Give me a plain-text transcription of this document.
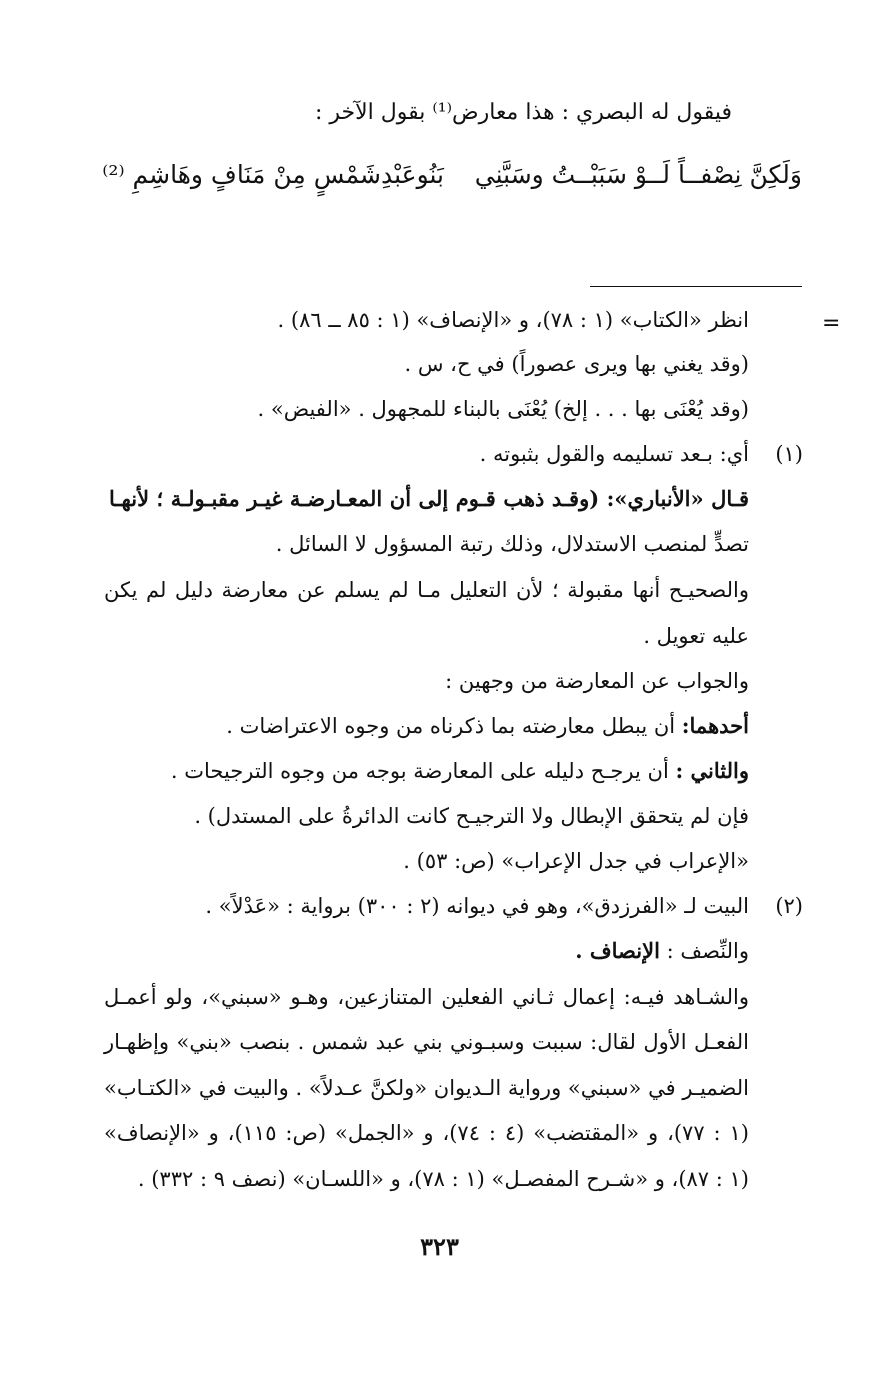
فيقول له البصري : هذا معارض⁽¹⁾ بقول الآخر :
وَلَكِنَّ نِصْفــاً لَــوْ سَبَبْــتُ وسَبَّنِي
بَنُوعَبْدِشَمْسٍ مِنْ مَنَافٍ وهَاشِمِ ⁽²⁾
=
انظر «الكتاب» (١ : ٧٨)، و «الإنصاف» (١ : ٨٥ ــ ٨٦) .
(وقد يغني بها ويرى عصوراً) في ح، س .
(وقد يُعْنَى بها . . . إلخ) يُعْنَى بالبناء للمجهول . «الفيض» .
(١)
أي: بـعد تسليمه والقول بثبوته .
قـال «الأنباري»: (وقـد ذهب قـوم إلى أن المعـارضـة غيـر مقبـولـة ؛ لأنهـا
تصدٍّ لمنصب الاستدلال، وذلك رتبة المسؤول لا السائل .
والصحيـح أنها مقبولة ؛ لأن التعليل مـا لم يسلم عن معارضة دليل لم يكن
عليه تعويل .
والجواب عن المعارضة من وجهين :
أحدهما: أن يبطل معارضته بما ذكرناه من وجوه الاعتراضات .
والثاني : أن يرجـح دليله على المعارضة بوجه من وجوه الترجيحات .
فإن لم يتحقق الإبطال ولا الترجيـح كانت الدائرةُ على المستدل) .
«الإعراب في جدل الإعراب» (ص: ٥٣) .
(٢)
البيت لـ «الفرزدق»، وهو في ديوانه (٢ : ٣٠٠) برواية : «عَدْلاً» .
والنِّصف : الإنصاف .
والشـاهد فيـه: إعمال ثـاني الفعلين المتنازعين، وهـو «سبني»، ولو أعمـل
الفعـل الأول لقال: سببت وسبـوني بني عبد شمس . بنصب «بني» وإظهـار
الضميـر في «سبني» ورواية الـديوان «ولكنَّ عـدلاً» . والبيت في «الكتـاب»
(١ : ٧٧)، و «المقتضب» (٤ : ٧٤)، و «الجمل» (ص: ١١٥)، و «الإنصاف»
(١ : ٨٧)، و «شـرح المفصـل» (١ : ٧٨)، و «اللسـان» (نصف ٩ : ٣٣٢) .
٣٢٣
